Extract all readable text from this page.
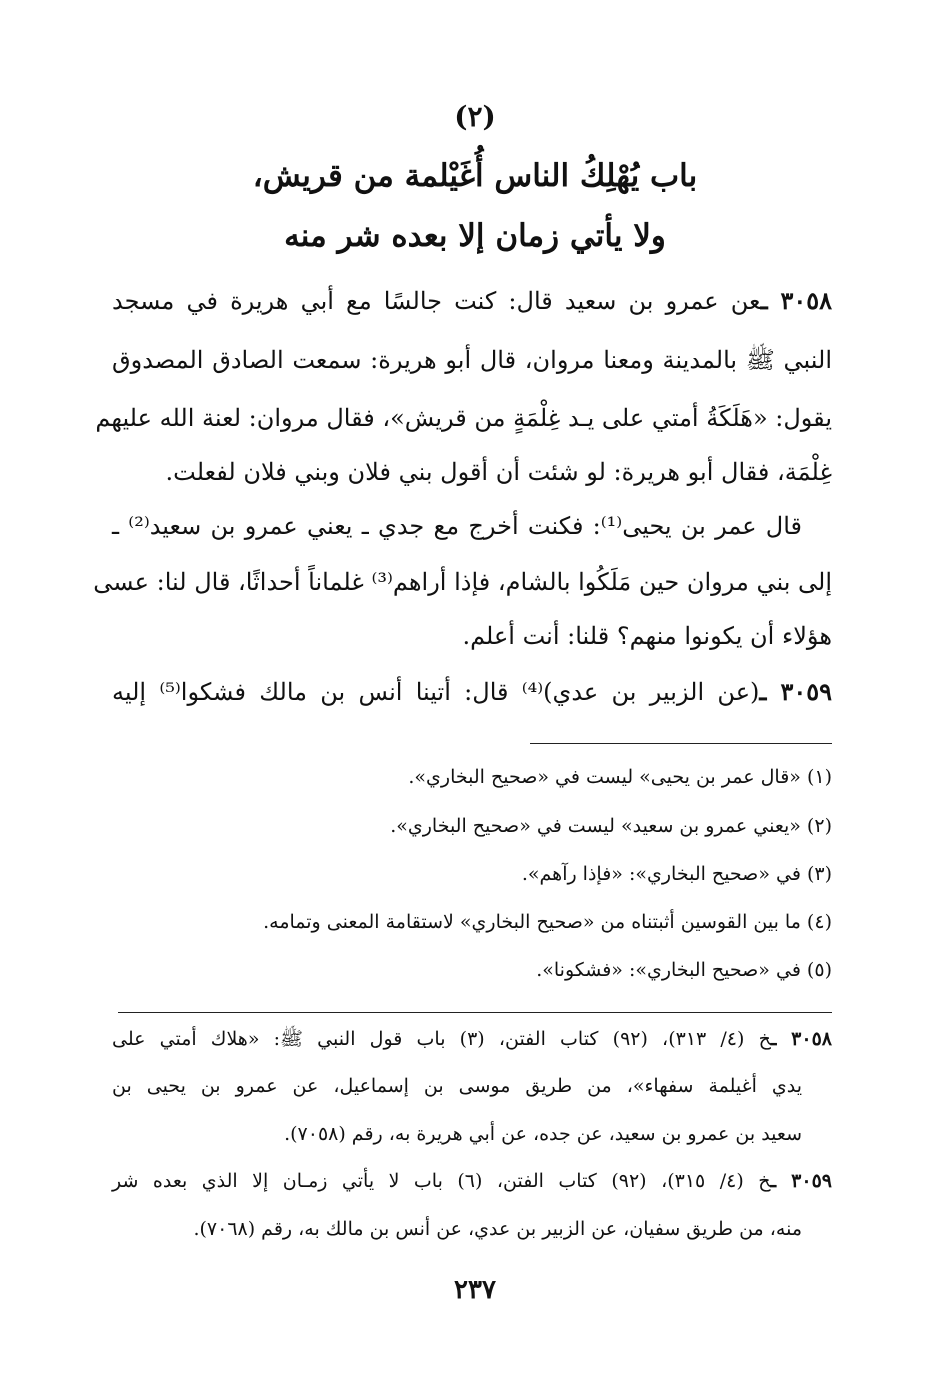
(٢)
باب يُهْلِكُ الناس أُغَيْلمة من قريش،
ولا يأتي زمان إلا بعده شر منه
٣٠٥٨ ـعن عمرو بن سعيد قال: كنت جالسًا مع أبي هريرة في مسجد
النبي ﷺ بالمدينة ومعنا مروان، قال أبو هريرة: سمعت الصادق المصدوق
يقول: «هَلَكَةُ أمتي على يـد غِلْمَةٍ من قريش»، فقال مروان: لعنة الله عليهم
غِلْمَة، فقال أبو هريرة: لو شئت أن أقول بني فلان وبني فلان لفعلت.
قال عمر بن يحيى⁽¹⁾: فكنت أخرج مع جدي ـ يعني عمرو بن سعيد⁽²⁾ ـ
إلى بني مروان حين مَلَكُوا بالشام، فإذا أراهم⁽³⁾ غلماناً أحداثًا، قال لنا: عسى
هؤلاء أن يكونوا منهم؟ قلنا: أنت أعلم.
٣٠٥٩ ـ(عن الزبير بن عدي)⁽⁴⁾ قال: أتينا أنس بن مالك فشكوا⁽⁵⁾ إليه
(١) «قال عمر بن يحيى» ليست في «صحيح البخاري».
(٢) «يعني عمرو بن سعيد» ليست في «صحيح البخاري».
(٣) في «صحيح البخاري»: «فإذا رآهم».
(٤) ما بين القوسين أثبتناه من «صحيح البخاري» لاستقامة المعنى وتمامه.
(٥) في «صحيح البخاري»: «فشكونا».
٣٠٥٨ ـخ (٤/ ٣١٣)، (٩٢) كتاب الفتن، (٣) باب قول النبي ﷺ: «هلاك أمتي على
يدي أغيلمة سفهاء»، من طريق موسى بن إسماعيل، عن عمرو بن يحيى بن
سعيد بن عمرو بن سعيد، عن جده، عن أبي هريرة به، رقم (٧٠٥٨).
٣٠٥٩ ـخ (٤/ ٣١٥)، (٩٢) كتاب الفتن، (٦) باب لا يأتي زمـان إلا الذي بعده شر
منه، من طريق سفيان، عن الزبير بن عدي، عن أنس بن مالك به، رقم (٧٠٦٨).
٢٣٧
